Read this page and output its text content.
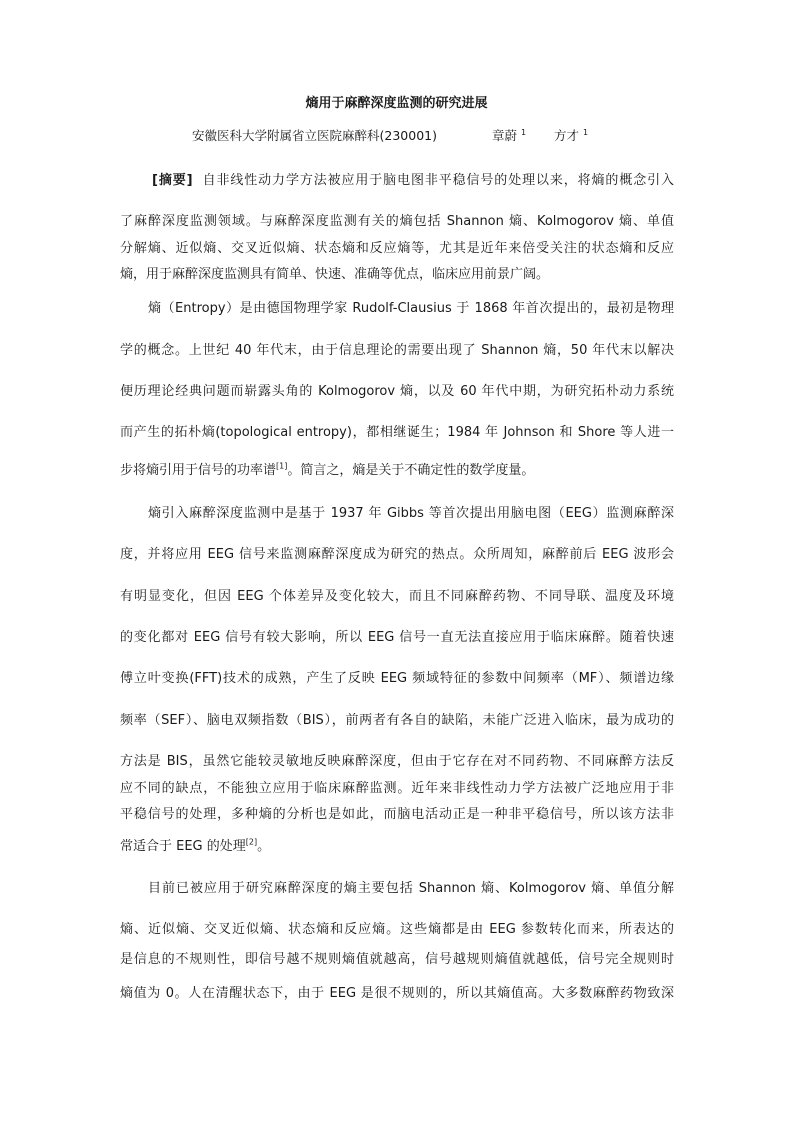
熵用于麻醉深度监测的研究进展
安徽医科大学附属省立医院麻醉科(230001)	章蔚 $^1$ 方才 $^1$
[摘要] 自非线性动力学方法被应用于脑电图非平稳信号的处理以来，将熵的概念引入
了麻醉深度监测领域。与麻醉深度监测有关的熵包括 Shannon 熵、Kolmogorov 熵、单值
分解熵、近似熵、交叉近似熵、状态熵和反应熵等，尤其是近年来倍受关注的状态熵和反应
熵，用于麻醉深度监测具有简单、快速、准确等优点，临床应用前景广阔。
熵（Entropy）是由德国物理学家 Rudolf-Clausius 于 1868 年首次提出的，最初是物理
学的概念。上世纪 40 年代末，由于信息理论的需要出现了 Shannon 熵，50 年代末以解决
便历理论经典问题而崭露头角的 Kolmogorov 熵，以及 60 年代中期，为研究拓朴动力系统
而产生的拓朴熵(topological entropy)，都相继诞生；1984 年 Johnson 和 Shore 等人进一
步将熵引用于信号的功率谱[1]。简言之，熵是关于不确定性的数学度量。
熵引入麻醉深度监测中是基于 1937 年 Gibbs 等首次提出用脑电图（EEG）监测麻醉深
度，并将应用 EEG 信号来监测麻醉深度成为研究的热点。众所周知，麻醉前后 EEG 波形会
有明显变化，但因 EEG 个体差异及变化较大，而且不同麻醉药物、不同导联、温度及环境
的变化都对 EEG 信号有较大影响，所以 EEG 信号一直无法直接应用于临床麻醉。随着快速
傅立叶变换(FFT)技术的成熟，产生了反映 EEG 频域特征的参数中间频率（MF）、频谱边缘
频率（SEF）、脑电双频指数（BIS），前两者有各自的缺陷，未能广泛进入临床，最为成功的
方法是 BIS，虽然它能较灵敏地反映麻醉深度，但由于它存在对不同药物、不同麻醉方法反
应不同的缺点，不能独立应用于临床麻醉监测。近年来非线性动力学方法被广泛地应用于非
平稳信号的处理，多种熵的分析也是如此，而脑电活动正是一种非平稳信号，所以该方法非
常适合于 EEG 的处理[2]。
目前已被应用于研究麻醉深度的熵主要包括 Shannon 熵、Kolmogorov 熵、单值分解
熵、近似熵、交叉近似熵、状态熵和反应熵。这些熵都是由 EEG 参数转化而来，所表达的
是信息的不规则性，即信号越不规则熵值就越高，信号越规则熵值就越低，信号完全规则时
熵值为 0。人在清醒状态下，由于 EEG 是很不规则的，所以其熵值高。大多数麻醉药物致深
